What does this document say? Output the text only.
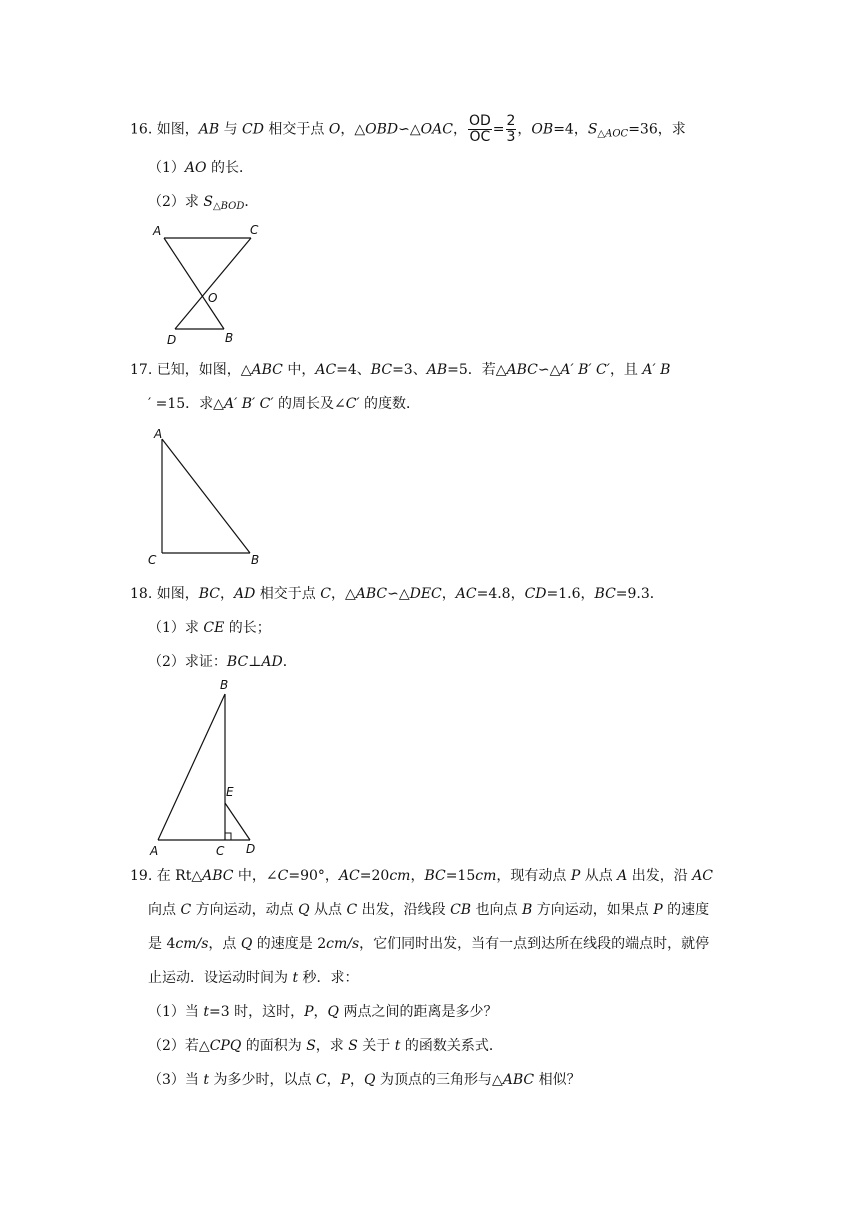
16. 如图，AB 与 CD 相交于点 O，△OBD∽△OAC， $\frac{OD}{OC} = \frac{2}{3}$ ，OB=4，$S_{\triangle AOC}=36$，求
（1）AO 的长．
（2）求 $S_{\triangle BOD}$．
A	C
O
D	B
17. 已知，如图，△ABC 中，AC=4、BC=3、AB=5．若△ABC∽△A′ B′ C′，且 A′ B
′ =15．求△A′ B′ C′ 的周长及∠C′ 的度数．
A
C	B
18. 如图，BC，AD 相交于点 C，△ABC∽△DEC，AC=4.8，CD=1.6，BC=9.3．
（1）求 CE 的长；
（2）求证：BC⊥AD．
B
E
A	C D
19. 在 Rt△ABC 中，∠C=90°，AC=20cm，BC=15cm，现有动点 P 从点 A 出发，沿 AC
向点 C 方向运动，动点 Q 从点 C 出发，沿线段 CB 也向点 B 方向运动，如果点 P 的速度
是 4cm/s，点 Q 的速度是 2cm/s，它们同时出发，当有一点到达所在线段的端点时，就停
止运动．设运动时间为 t 秒．求：
（1）当 t=3 时，这时，P，Q 两点之间的距离是多少？
（2）若△CPQ 的面积为 S，求 S 关于 t 的函数关系式．
（3）当 t 为多少时，以点 C，P，Q 为顶点的三角形与△ABC 相似？
